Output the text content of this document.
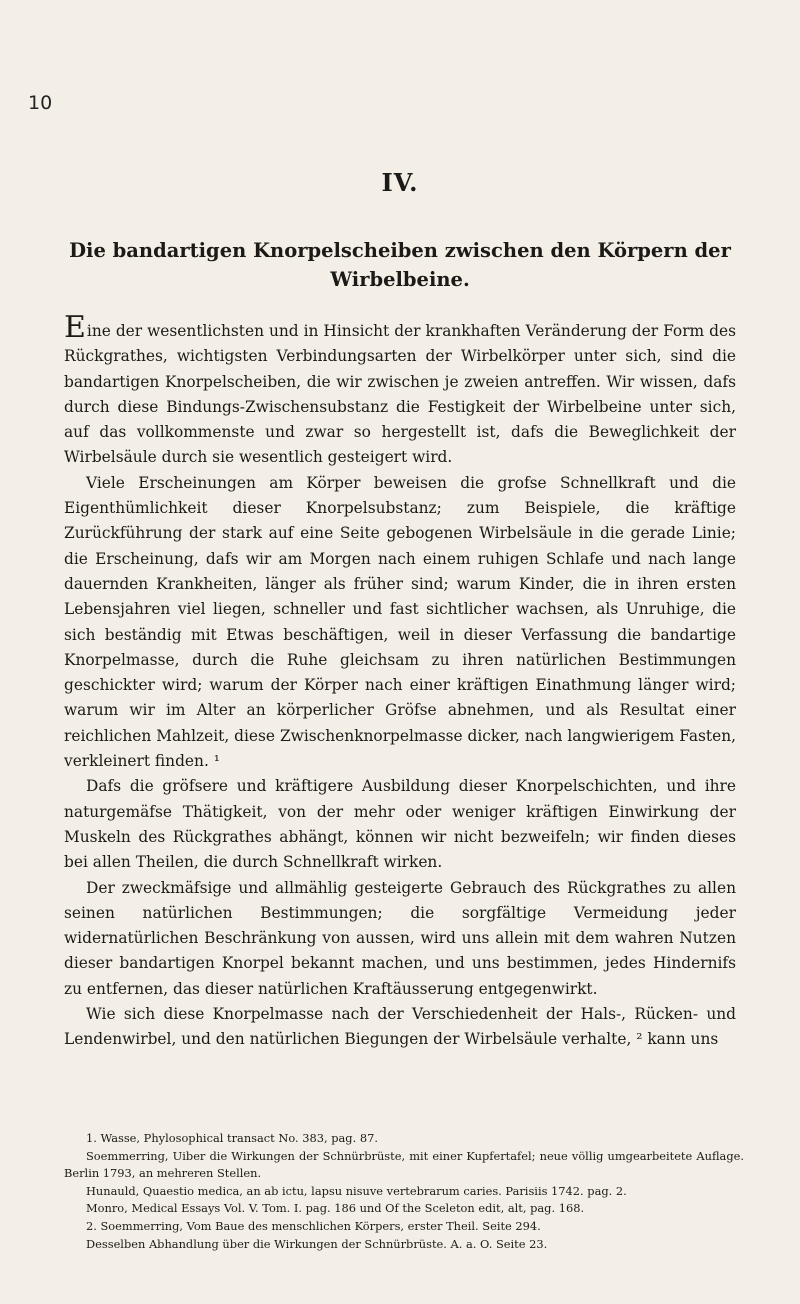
10
IV.
Die bandartigen Knorpelscheiben zwischen den Körpern der Wirbelbeine.

Eine der wesentlichsten und in Hinsicht der krankhaften Veränderung der Form des Rückgrathes, wichtigsten Verbindungsarten der Wirbelkörper unter sich, sind die bandartigen Knorpelscheiben, die wir zwischen je zweien antreffen. Wir wissen, dafs durch diese Bindungs-Zwischensubstanz die Festigkeit der Wirbelbeine unter sich, auf das vollkommenste und zwar so hergestellt ist, dafs die Beweglichkeit der Wirbelsäule durch sie wesentlich gesteigert wird.

Viele Erscheinungen am Körper beweisen die grofse Schnellkraft und die Eigenthümlichkeit dieser Knorpelsubstanz; zum Beispiele, die kräftige Zurückführung der stark auf eine Seite gebogenen Wirbelsäule in die gerade Linie; die Erscheinung, dafs wir am Morgen nach einem ruhigen Schlafe und nach lange dauernden Krankheiten, länger als früher sind; warum Kinder, die in ihren ersten Lebensjahren viel liegen, schneller und fast sichtlicher wachsen, als Unruhige, die sich beständig mit Etwas beschäftigen, weil in dieser Verfassung die bandartige Knorpelmasse, durch die Ruhe gleichsam zu ihren natürlichen Bestimmungen geschickter wird; warum der Körper nach einer kräftigen Einathmung länger wird; warum wir im Alter an körperlicher Gröfse abnehmen, und als Resultat einer reichlichen Mahlzeit, diese Zwischenknorpelmasse dicker, nach langwierigem Fasten, verkleinert finden. ¹

Dafs die gröfsere und kräftigere Ausbildung dieser Knorpelschichten, und ihre naturgemäfse Thätigkeit, von der mehr oder weniger kräftigen Einwirkung der Muskeln des Rückgrathes abhängt, können wir nicht bezweifeln; wir finden dieses bei allen Theilen, die durch Schnellkraft wirken.

Der zweckmäfsige und allmählig gesteigerte Gebrauch des Rückgrathes zu allen seinen natürlichen Bestimmungen; die sorgfältige Vermeidung jeder widernatürlichen Beschränkung von aussen, wird uns allein mit dem wahren Nutzen dieser bandartigen Knorpel bekannt machen, und uns bestimmen, jedes Hindernifs zu entfernen, das dieser natürlichen Kraftäusserung entgegenwirkt.

Wie sich diese Knorpelmasse nach der Verschiedenheit der Hals-, Rücken- und Lendenwirbel, und den natürlichen Biegungen der Wirbelsäule verhalte, ² kann uns

1. Wasse, Phylosophical transact No. 383, pag. 87.

Soemmerring, Uiber die Wirkungen der Schnürbrüste, mit einer Kupfertafel; neue völlig umgearbeitete Auflage. Berlin 1793, an mehreren Stellen.

Hunauld, Quaestio medica, an ab ictu, lapsu nisuve vertebrarum caries. Parisiis 1742. pag. 2.

Monro, Medical Essays Vol. V. Tom. I. pag. 186 und Of the Sceleton edit, alt, pag. 168.

2. Soemmerring, Vom Baue des menschlichen Körpers, erster Theil. Seite 294.

Desselben Abhandlung über die Wirkungen der Schnürbrüste. A. a. O. Seite 23.
